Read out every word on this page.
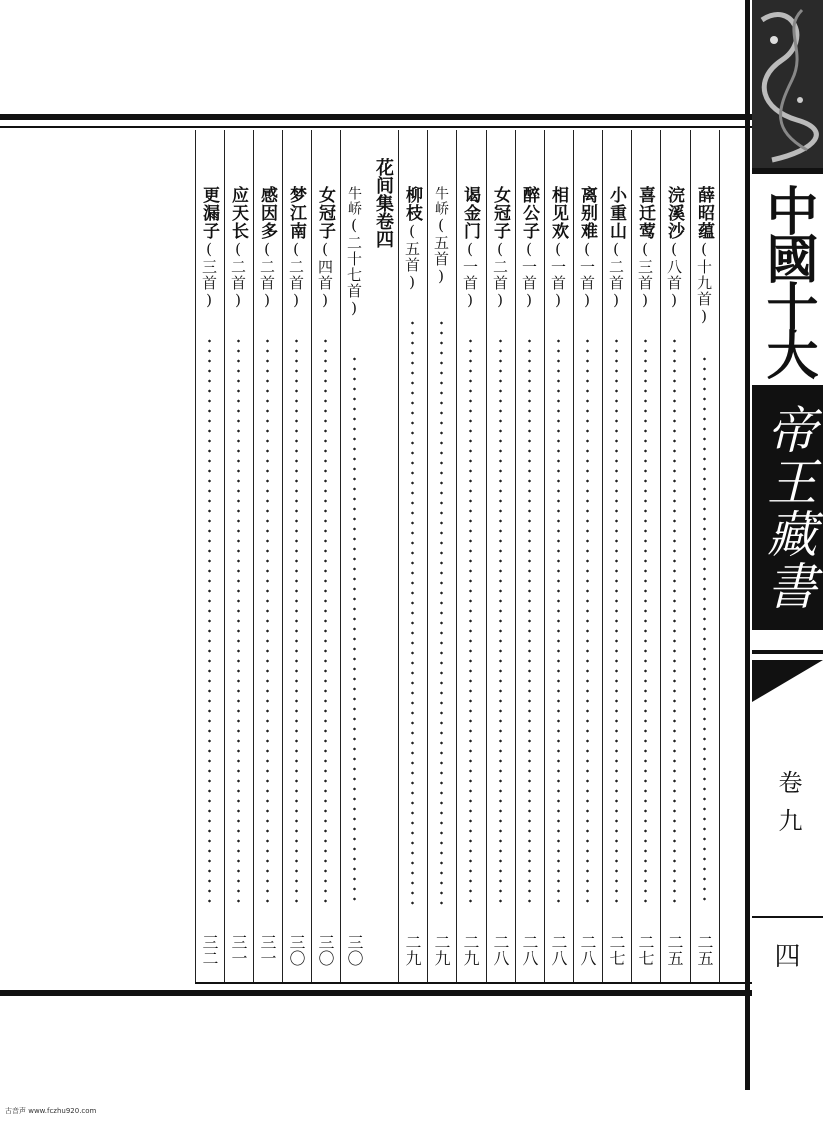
薛昭蕴(十九首)
二五
浣溪沙(八首)
二五
喜迁莺(三首)
二七
小重山(二首)
二七
离别难(一首)
二八
相见欢(一首)
二八
醉公子(一首)
二八
女冠子(二首)
二八
谒金门(一首)
二九
牛峤(五首)
二九
柳枝(五首)
二九
牛峤(二十七首)
三〇
女冠子(四首)
三〇
梦江南(二首)
三〇
感因多(二首)
三一
应天长(二首)
三一
更漏子(三首)
三二
花间集卷四	中國十大
帝王藏書
卷九
四
古音声 www.fczhu920.com
